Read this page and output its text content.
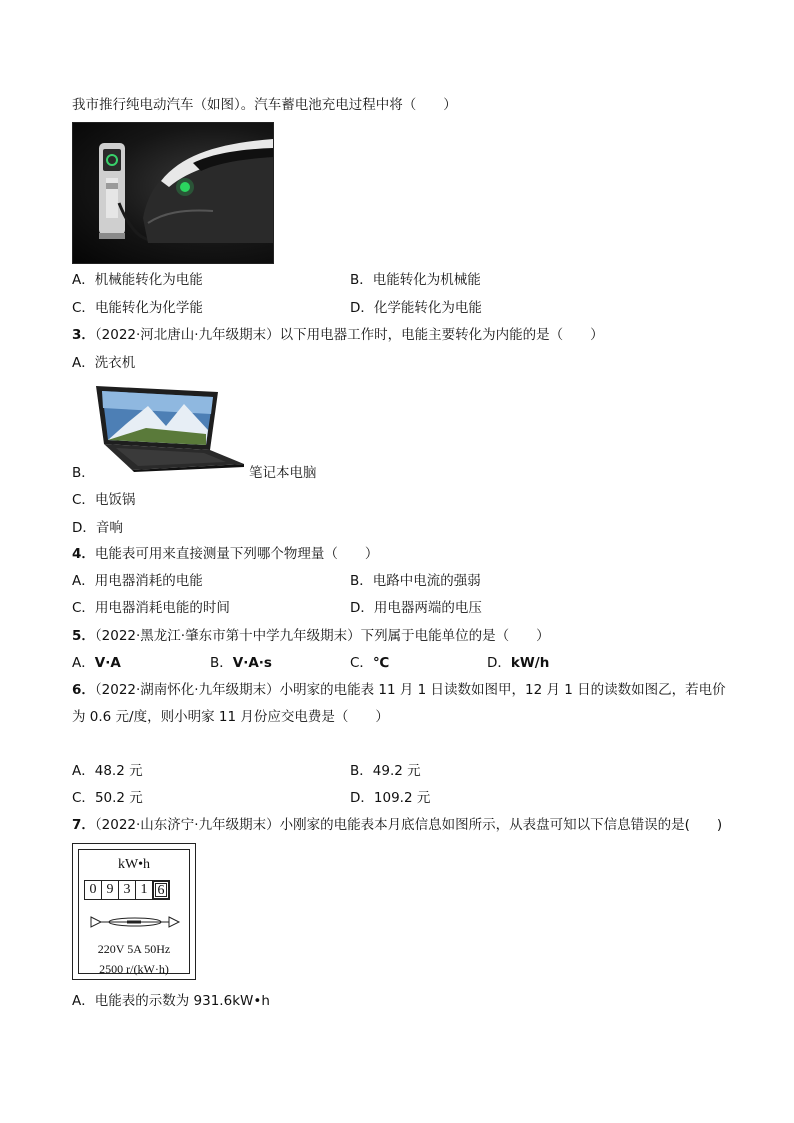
我市推行纯电动汽车（如图）。汽车蓄电池充电过程中将（　　）
A．机械能转化为电能	B．电能转化为机械能
C．电能转化为化学能	D．化学能转化为电能
3．（2022·河北唐山·九年级期末）以下用电器工作时，电能主要转化为内能的是（　　）
A．洗衣机
B．	笔记本电脑
C．电饭锅
D．音响
4．电能表可用来直接测量下列哪个物理量（　　）
A．用电器消耗的电能	B．电路中电流的强弱
C．用电器消耗电能的时间	D．用电器两端的电压
5．（2022·黑龙江·肇东市第十中学九年级期末）下列属于电能单位的是（　　）
A．V·A	B．V·A·s	C．℃	D．kW/h
6．（2022·湖南怀化·九年级期末）小明家的电能表 11 月 1 日读数如图甲，12 月 1 日的读数如图乙，若电价
为 0.6 元/度，则小明家 11 月份应交电费是（　　）
A．48.2 元	B．49.2 元
C．50.2 元	D．109.2 元
7．（2022·山东济宁·九年级期末）小刚家的电能表本月底信息如图所示，从表盘可知以下信息错误的是(　　)
kW•h
0 9 3 1 6
220V 5A 50Hz
2500 r/(kW·h)
A．电能表的示数为 931.6kW•h
